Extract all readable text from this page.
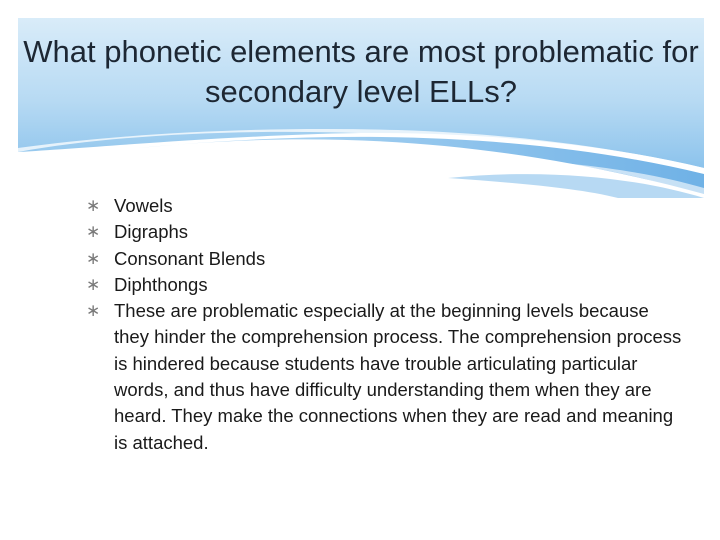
What phonetic elements are most problematic for secondary level ELLs?
∗ Vowels
∗ Digraphs
∗ Consonant Blends
∗ Diphthongs
∗ These are problematic especially at the beginning levels because they hinder the comprehension process. The comprehension process is hindered because students have trouble articulating particular words, and thus have difficulty understanding them when they are heard. They make the connections when they are read and meaning is attached.
